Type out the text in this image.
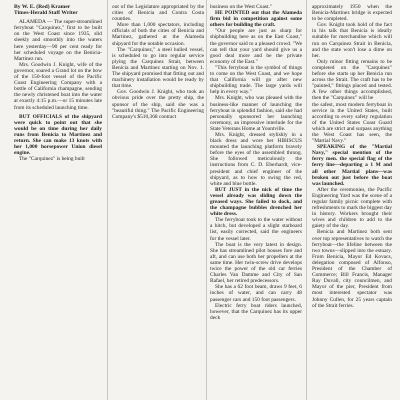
By W. E. (Red) Kramer

Times-Herald Staff Writer

ALAMEDA — The super-streamlined ferryboat "Carquinez," first to be built on the West Coast since 1935, slid sleekly and smoothly into the waters here yesterday—90 per cent ready for her scheduled voyage on the Benicia-Martinez run.

Mrs. Goodwin J. Knight, wife of the governor, soared a Grand lot on the bow of the 150-foot vessel of the Pacific Coast Engineering Company with a bottle of California champagne, sending the newly christened boat into the water at exactly 4:15 p.m.—or 15 minutes late from its scheduled launching time.

BUT OFFICIALS of the shipyard were quick to point out that she would be on time during her daily runs from Benicia to Martinez and return. She can make 13 knots with her 1,000 horsepower Union diesel engine.

The "Carquinez" is being built

out of the Legislature appropriated by the cities of Benicia and Contra Costa counties.

More than 1,000 spectators, including officials of both the cities of Benicia and Martinez, gathered at the Alameda shipyard for the notable occasion.

The "Carquinez," a steel hulled vessel, is scheduled to go into regular service plying the Carquinez Strait, between Benicia and Martinez starting on Nov. 1. The shipyard promised that fitting out and machinery installation would be ready by that time.

Gov. Goodwin J. Knight, who took an obvious pride over the pretty ship, the sponsor of the ship, said she was a "beautiful thing." The Pacific Engineering Company's $510,368 contract

business on the West Coast."

HE POINTED out that the Alameda firm bid in competition against some others for building the craft.

"Our people are just as sharp for shipbuilding here as on the East Coast," the governor said to a pleased crowd. "We can tell that your yard should give us a good deal more and be the private economy of the East."

"This ferryboat is the symbol of things to come on the West Coast, and we hope that California will go after new shipbuilding trade. The large yards will help in every way."

Mrs. Knight, who was pleased with the business-like manner of launching the ferryboat in splendid fashion, said she had personally sponsored her launching ceremony, an impressive interlude for the State Veterans Home at Yountville.

Mrs. Knight, dressed stylishly in a black dress and wore her HIBISCUS mounted the launching platform bravely before the eyes of the assembled throng. She followed meticulously the instructions from C. D. Eberhardt, vice-president and chief engineer of the shipyard, as to how to swing the red, white and blue bottle.

BUT JUST in the nick of time the vessel already was sliding down the greased ways. She failed to dock, and the champagne bubbles drenched her white dress.

The ferryboat took to the water without a hitch, but developed a slight starboard list, easily corrected, said the engineers for the vessel later.

The boat is the very latest in design. She has streamlined pilot houses fore and aft, and can use both her propellers at the same time. Her twin-screw drive develops twice the power of the old car ferries Charles Van Damme and City of San Rafael, her retired predecessors.

She has a 62 foot beam, draws 9 feet, 6 inches of water, and can carry 48 passenger cars and 150 foot passengers.

Electric ferry boat riders launched, however, that the Carquinez has its upper deck

approximately 1950 when the Benicia-Martinez bridge is expected to be completed.

Gov. Knight took hold of the fact in his talk that Benicia is ideally suitable for merchandise which will run on Carquinez Strait in Benicia, and the state won't lose a dime on her.

Only minor fitting remains to be completed on the "Carquinez" before she starts up her Benicia run across the Strait. The craft has to be "painted," fittings placed and tested. A few other things accomplished, then the "Carquinez" will be

the safest, most modern ferryboat in service in the United States, built according to every safety regulation of the United States Coast Guard which are strict and surpass anything the West Coast has seen, the "Martial Navy."

SPEAKING of the "Martial Navy," special mention of the ferry men. the special flag of the ferry line—departing a 1 M and all other Martial plans—was broken out just before the boat was launched.

After the ceremonies, the Pacific Engineering Yard was the scene of a regular family picnic complete with refreshments to mark the biggest day in history. Workers brought their wives and children to add to the gaiety of the day.

Benicia and Martinez both sent over top representatives to watch the ferryboat—the lifeline between the two towns—slipped into the estuary. From Benicia, Mayor Ed Kovacs, delegation composed of Alfonso, President of the Chamber of Commerce; Bill Francis, Manager Ray Duvall, city councilmen, and Mayor of the pier, President from most interested spectator was Johnny Cullen, for 25 years captain of the Strait ferries.
